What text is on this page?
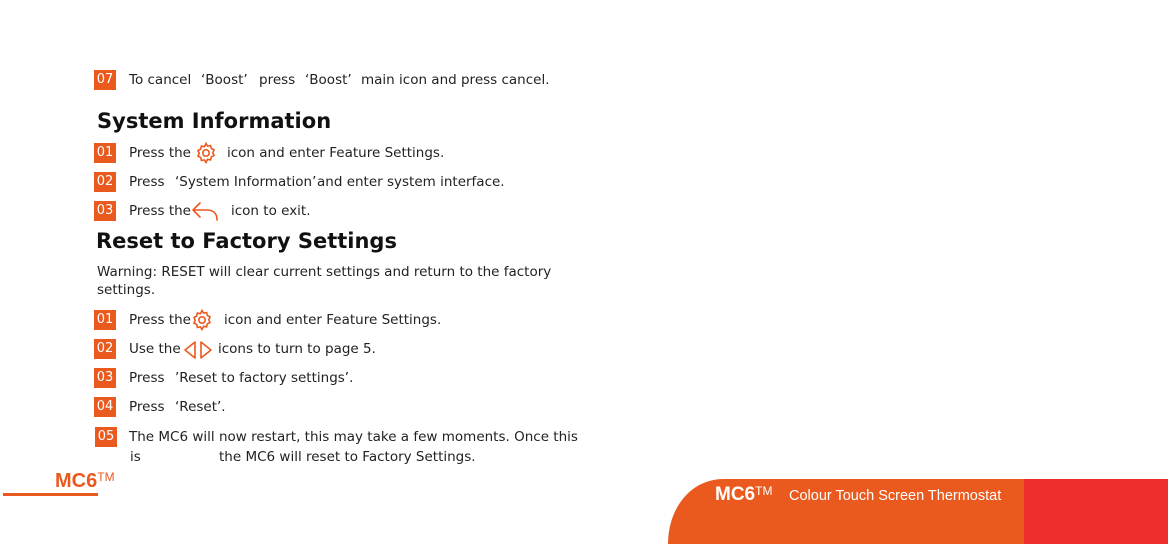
07 To cancel ‘Boost’ press ‘Boost’ main icon and press cancel.
System Information
01 Press the	icon and enter Feature Settings.
02 Press ‘System Information’ and enter system interface.
03 Press the	icon to exit.
Reset to Factory Settings
Warning: RESET will clear current settings and return to the factory
settings.
01 Press the icon and enter Feature Settings.
02 Use the	icons to turn to page 5.
03 Press ’Reset to factory settings’.
04 Press ‘Reset’.
05 The MC6 will now restart, this may take a few moments. Once this
is	the MC6 will reset to Factory Settings.
MC6™
MC6™ Colour Touch Screen Thermostat
